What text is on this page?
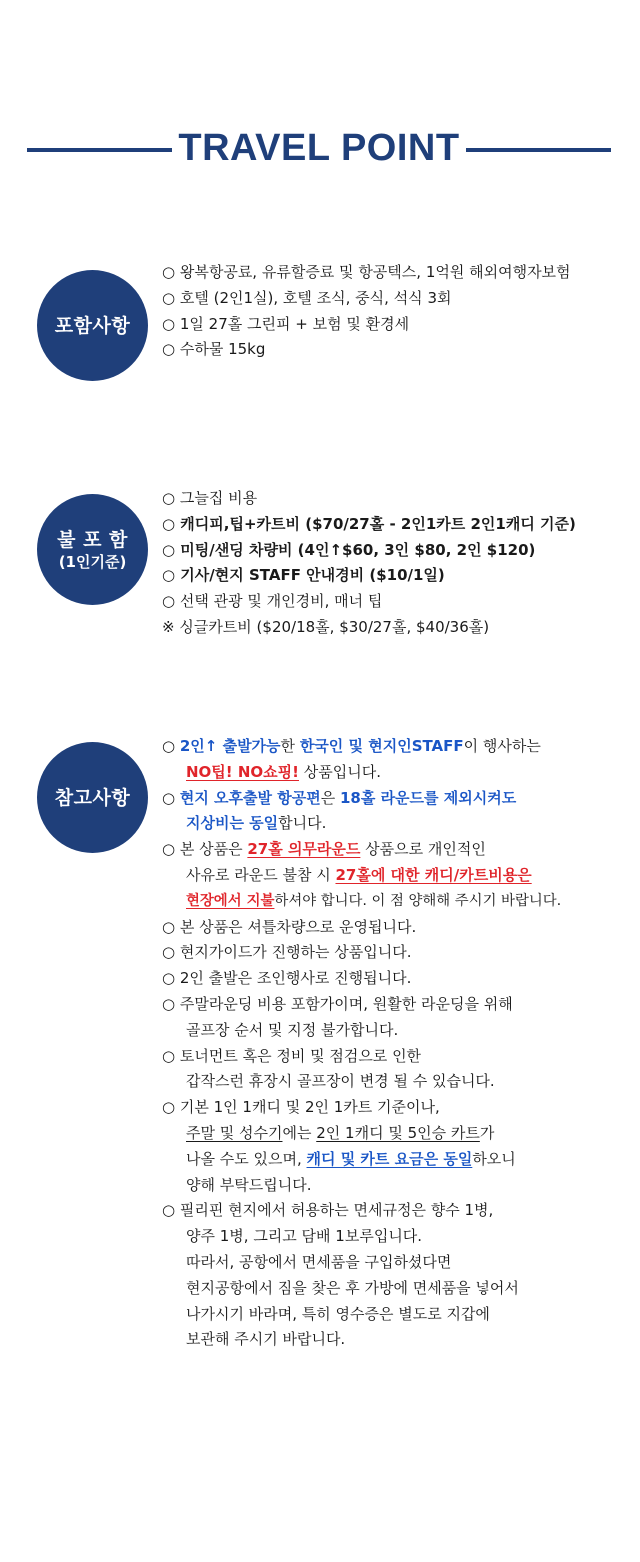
TRAVEL POINT
포함사항
○ 왕복항공료, 유류할증료 및 항공텍스, 1억원 해외여행자보험
○ 호텔 (2인1실), 호텔 조식, 중식, 석식 3회
○ 1일 27홀 그린피 + 보험 및 환경세
○ 수하물 15kg
불 포 함
(1인기준)
○ 그늘집 비용
○ 캐디피,팁+카트비 ($70/27홀 - 2인1카트 2인1캐디 기준)
○ 미팅/샌딩 차량비 (4인↑$60, 3인 $80, 2인 $120)
○ 기사/현지 STAFF 안내경비 ($10/1일)
○ 선택 관광 및 개인경비, 매너 팁
※ 싱글카트비 ($20/18홀, $30/27홀, $40/36홀)
참고사항
○ 2인↑ 출발가능한 한국인 및 현지인STAFF이 행사하는
NO팁! NO쇼핑! 상품입니다.
○ 현지 오후출발 항공편은 18홀 라운드를 제외시켜도
지상비는 동일합니다.
○ 본 상품은 27홀 의무라운드 상품으로 개인적인
사유로 라운드 불참 시 27홀에 대한 캐디/카트비용은
현장에서 지불하셔야 합니다. 이 점 양해해 주시기 바랍니다.
○ 본 상품은 셔틀차량으로 운영됩니다.
○ 현지가이드가 진행하는 상품입니다.
○ 2인 출발은 조인행사로 진행됩니다.
○ 주말라운딩 비용 포함가이며, 원활한 라운딩을 위해
골프장 순서 및 지정 불가합니다.
○ 토너먼트 혹은 정비 및 점검으로 인한
갑작스런 휴장시 골프장이 변경 될 수 있습니다.
○ 기본 1인 1캐디 및 2인 1카트 기준이나,
주말 및 성수기에는 2인 1캐디 및 5인승 카트가
나올 수도 있으며, 캐디 및 카트 요금은 동일하오니
양해 부탁드립니다.
○ 필리핀 현지에서 허용하는 면세규정은 향수 1병,
양주 1병, 그리고 담배 1보루입니다.
따라서, 공항에서 면세품을 구입하셨다면
현지공항에서 짐을 찾은 후 가방에 면세품을 넣어서
나가시기 바라며, 특히 영수증은 별도로 지갑에
보관해 주시기 바랍니다.
